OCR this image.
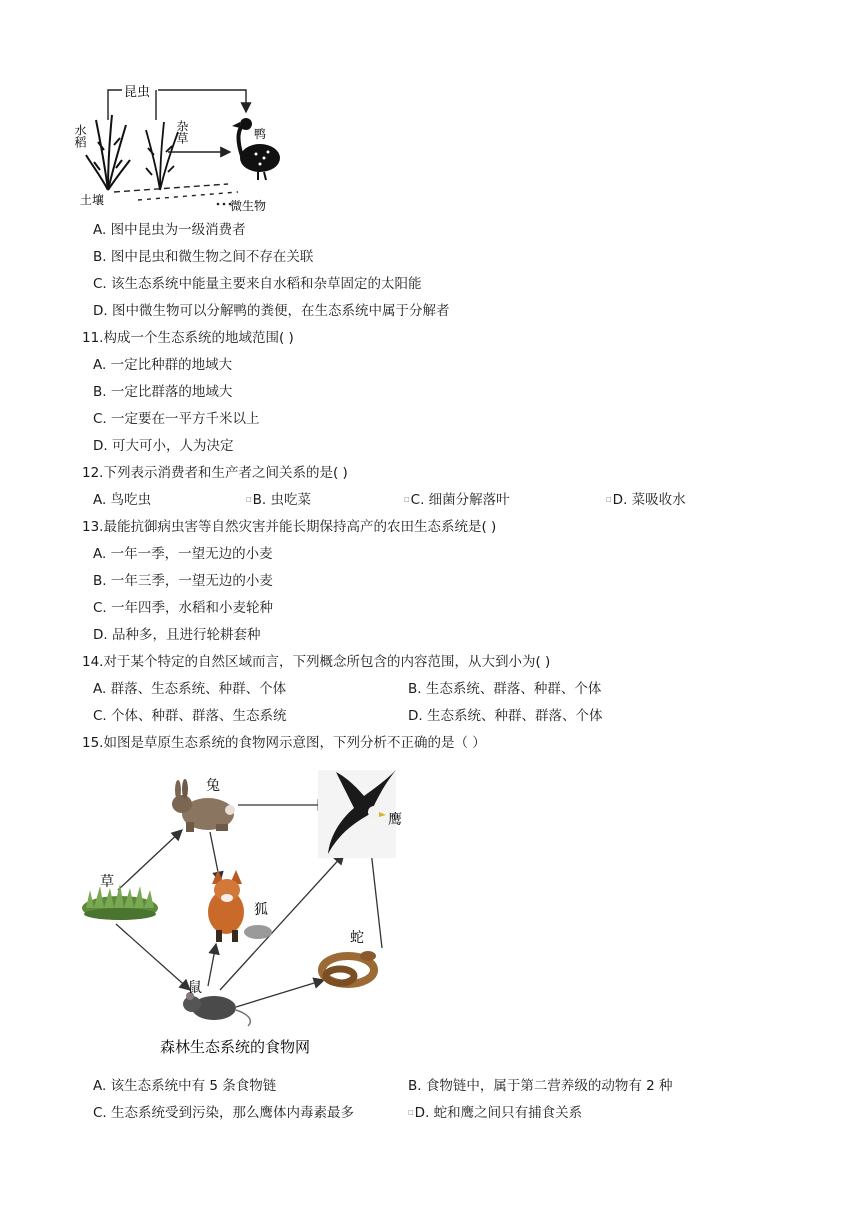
昆虫
水稻	杂草	鸭
土壤	微生物
A. 图中昆虫为一级消费者
B. 图中昆虫和微生物之间不存在关联
C. 该生态系统中能量主要来自水稻和杂草固定的太阳能
D. 图中微生物可以分解鸭的粪便，在生态系统中属于分解者
11.构成一个生态系统的地域范围( )
A. 一定比种群的地域大
B. 一定比群落的地域大
C. 一定要在一平方千米以上
D. 可大可小，人为决定
12.下列表示消费者和生产者之间关系的是( )
A. 鸟吃虫	□B. 虫吃菜	□C. 细菌分解落叶	□D. 菜吸收水
13.最能抗御病虫害等自然灾害并能长期保持高产的农田生态系统是( )
A. 一年一季，一望无边的小麦
B. 一年三季，一望无边的小麦
C. 一年四季，水稻和小麦轮种
D. 品种多，且进行轮耕套种
14.对于某个特定的自然区域而言，下列概念所包含的内容范围，从大到小为( )
A. 群落、生态系统、种群、个体	B. 生态系统、群落、种群、个体
C. 个体、种群、群落、生态系统	D. 生态系统、种群、群落、个体
15.如图是草原生态系统的食物网示意图，下列分析不正确的是（ ）
兔
鹰
草
狐
蛇
鼠
森林生态系统的食物网
A. 该生态系统中有 5 条食物链	B. 食物链中，属于第二营养级的动物有 2 种
C. 生态系统受到污染，那么鹰体内毒素最多	□D. 蛇和鹰之间只有捕食关系
